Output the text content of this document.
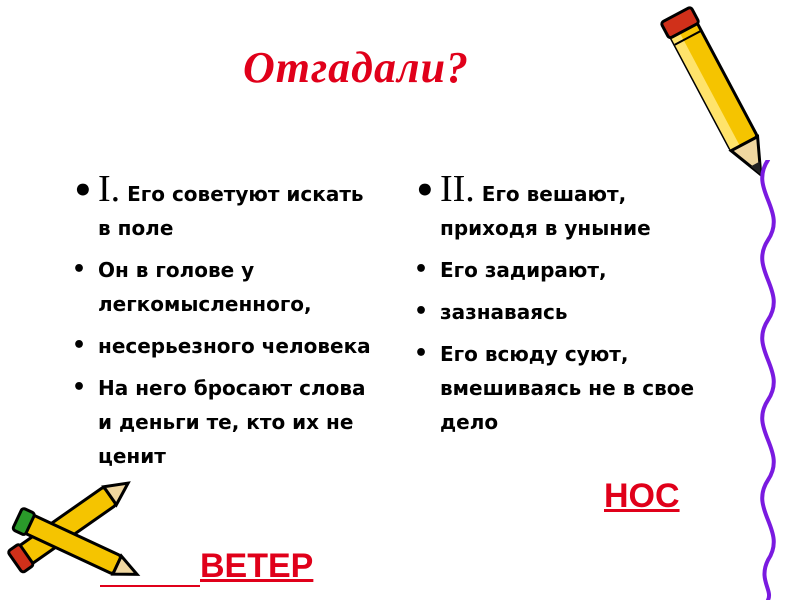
Отгадали?
• I. Его советуют искать в поле
• Он в голове у легкомысленного,
• несерьезного человека
• На него бросают слова и деньги те, кто их не ценит
• II. Его вешают, приходя в уныние
• Его задирают,
• зазнаваясь
• Его всюду суют, вмешиваясь не в свое дело
ВЕТЕР
НОС
